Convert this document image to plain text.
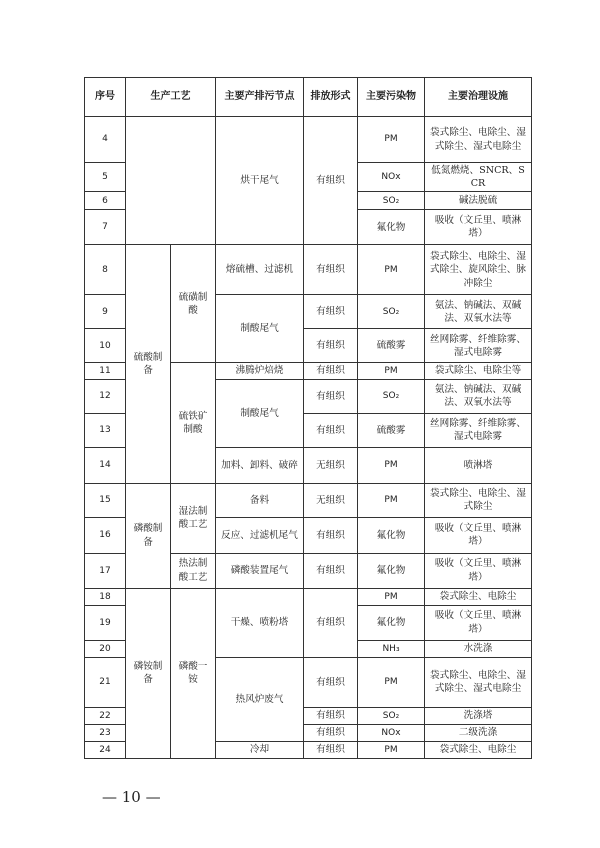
序号	生产工艺		主要产排污节点	排放形式	主要污染物	主要治理设施
4			烘干尾气	有组织	PM	袋式除尘、电除尘、湿式除尘、湿式电除尘
5					NOx	低氮燃烧、SNCR、SCR
6					SO₂	碱法脱硫
7					氟化物	吸收（文丘里、喷淋塔）
8	硫酸制备	硫磺制酸	熔硫槽、过滤机	有组织	PM	袋式除尘、电除尘、湿式除尘、旋风除尘、脉冲除尘
9			制酸尾气	有组织	SO₂	氨法、钠碱法、双碱法、双氧水法等
10				有组织	硫酸雾	丝网除雾、纤维除雾、湿式电除雾
11		硫铁矿制酸	沸腾炉焙烧	有组织	PM	袋式除尘、电除尘等
12			制酸尾气	有组织	SO₂	氨法、钠碱法、双碱法、双氧水法等
13				有组织	硫酸雾	丝网除雾、纤维除雾、湿式电除雾
14			加料、卸料、破碎	无组织	PM	喷淋塔
15	磷酸制备	湿法制酸工艺	备料	无组织	PM	袋式除尘、电除尘、湿式除尘
16			反应、过滤机尾气	有组织	氟化物	吸收（文丘里、喷淋塔）
17		热法制酸工艺	磷酸装置尾气	有组织	氟化物	吸收（文丘里、喷淋塔）
18	磷铵制备	磷酸一铵	干燥、喷粉塔	有组织	PM	袋式除尘、电除尘
19					氟化物	吸收（文丘里、喷淋塔）
20					NH₃	水洗涤
21			热风炉废气	有组织	PM	袋式除尘、电除尘、湿式除尘、湿式电除尘
22				有组织	SO₂	洗涤塔
23				有组织	NOx	二级洗涤
24			冷却	有组织	PM	袋式除尘、电除尘
— 10 —
